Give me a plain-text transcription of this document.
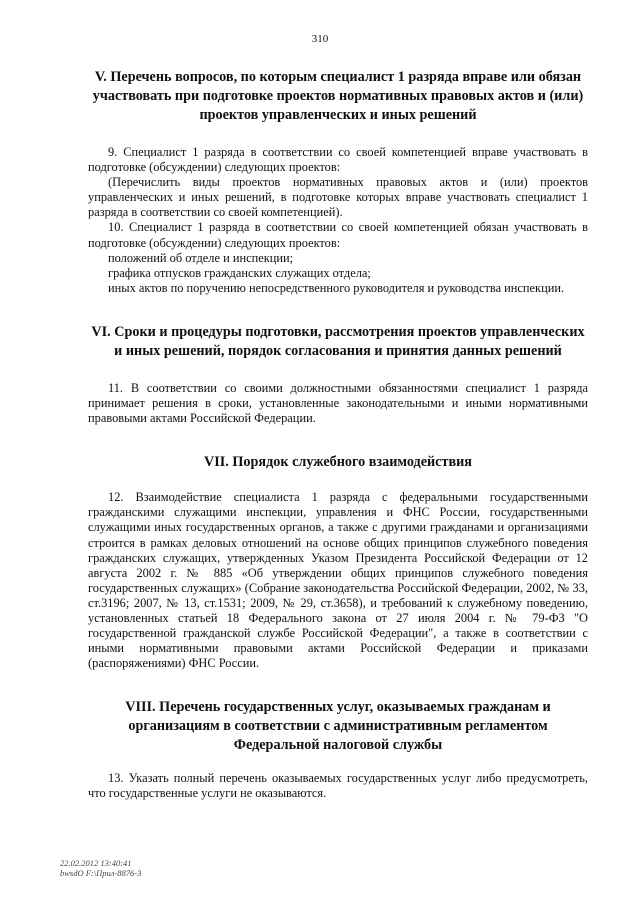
310
V. Перечень вопросов, по которым специалист 1 разряда вправе или обязан участвовать при подготовке проектов нормативных правовых актов и (или) проектов управленческих и иных решений

9. Специалист 1 разряда в соответствии со своей компетенцией вправе участвовать в подготовке (обсуждении) следующих проектов:

(Перечислить виды проектов нормативных правовых актов и (или) проектов управленческих и иных решений, в подготовке которых вправе участвовать специалист 1 разряда в соответствии со своей компетенцией).

10. Специалист 1 разряда в соответствии со своей компетенцией обязан участвовать в подготовке (обсуждении) следующих проектов:

положений об отделе и инспекции;

графика отпусков гражданских служащих отдела;

иных актов по поручению непосредственного руководителя и руководства инспекции.

VI. Сроки и процедуры подготовки, рассмотрения проектов управленческих и иных решений, порядок согласования и принятия данных решений

11. В соответствии со своими должностными обязанностями специалист 1 разряда принимает решения в сроки, установленные законодательными и иными нормативными правовыми актами Российской Федерации.

VII. Порядок служебного взаимодействия

12. Взаимодействие специалиста 1 разряда с федеральными государственными гражданскими служащими инспекции, управления и ФНС России, государственными служащими иных государственных органов, а также с другими гражданами и организациями строится в рамках деловых отношений на основе общих принципов служебного поведения гражданских служащих, утвержденных Указом Президента Российской Федерации от 12 августа 2002 г. № 885 «Об утверждении общих принципов служебного поведения государственных служащих» (Собрание законодательства Российской Федерации, 2002, № 33, ст.3196; 2007, № 13, ст.1531; 2009, № 29, ст.3658), и требований к служебному поведению, установленных статьей 18 Федерального закона от 27 июля 2004 г. № 79-ФЗ "О государственной гражданской службе Российской Федерации", а также в соответствии с иными нормативными правовыми актами Российской Федерации и приказами (распоряжениями) ФНС России.

VIII. Перечень государственных услуг, оказываемых гражданам и организациям в соответствии с административным регламентом Федеральной налоговой службы

13. Указать полный перечень оказываемых государственных услуг либо предусмотреть, что государственные услуги не оказываются.

22.02.2012 13:40:41
bwsdO F:\Прил-8876-3
